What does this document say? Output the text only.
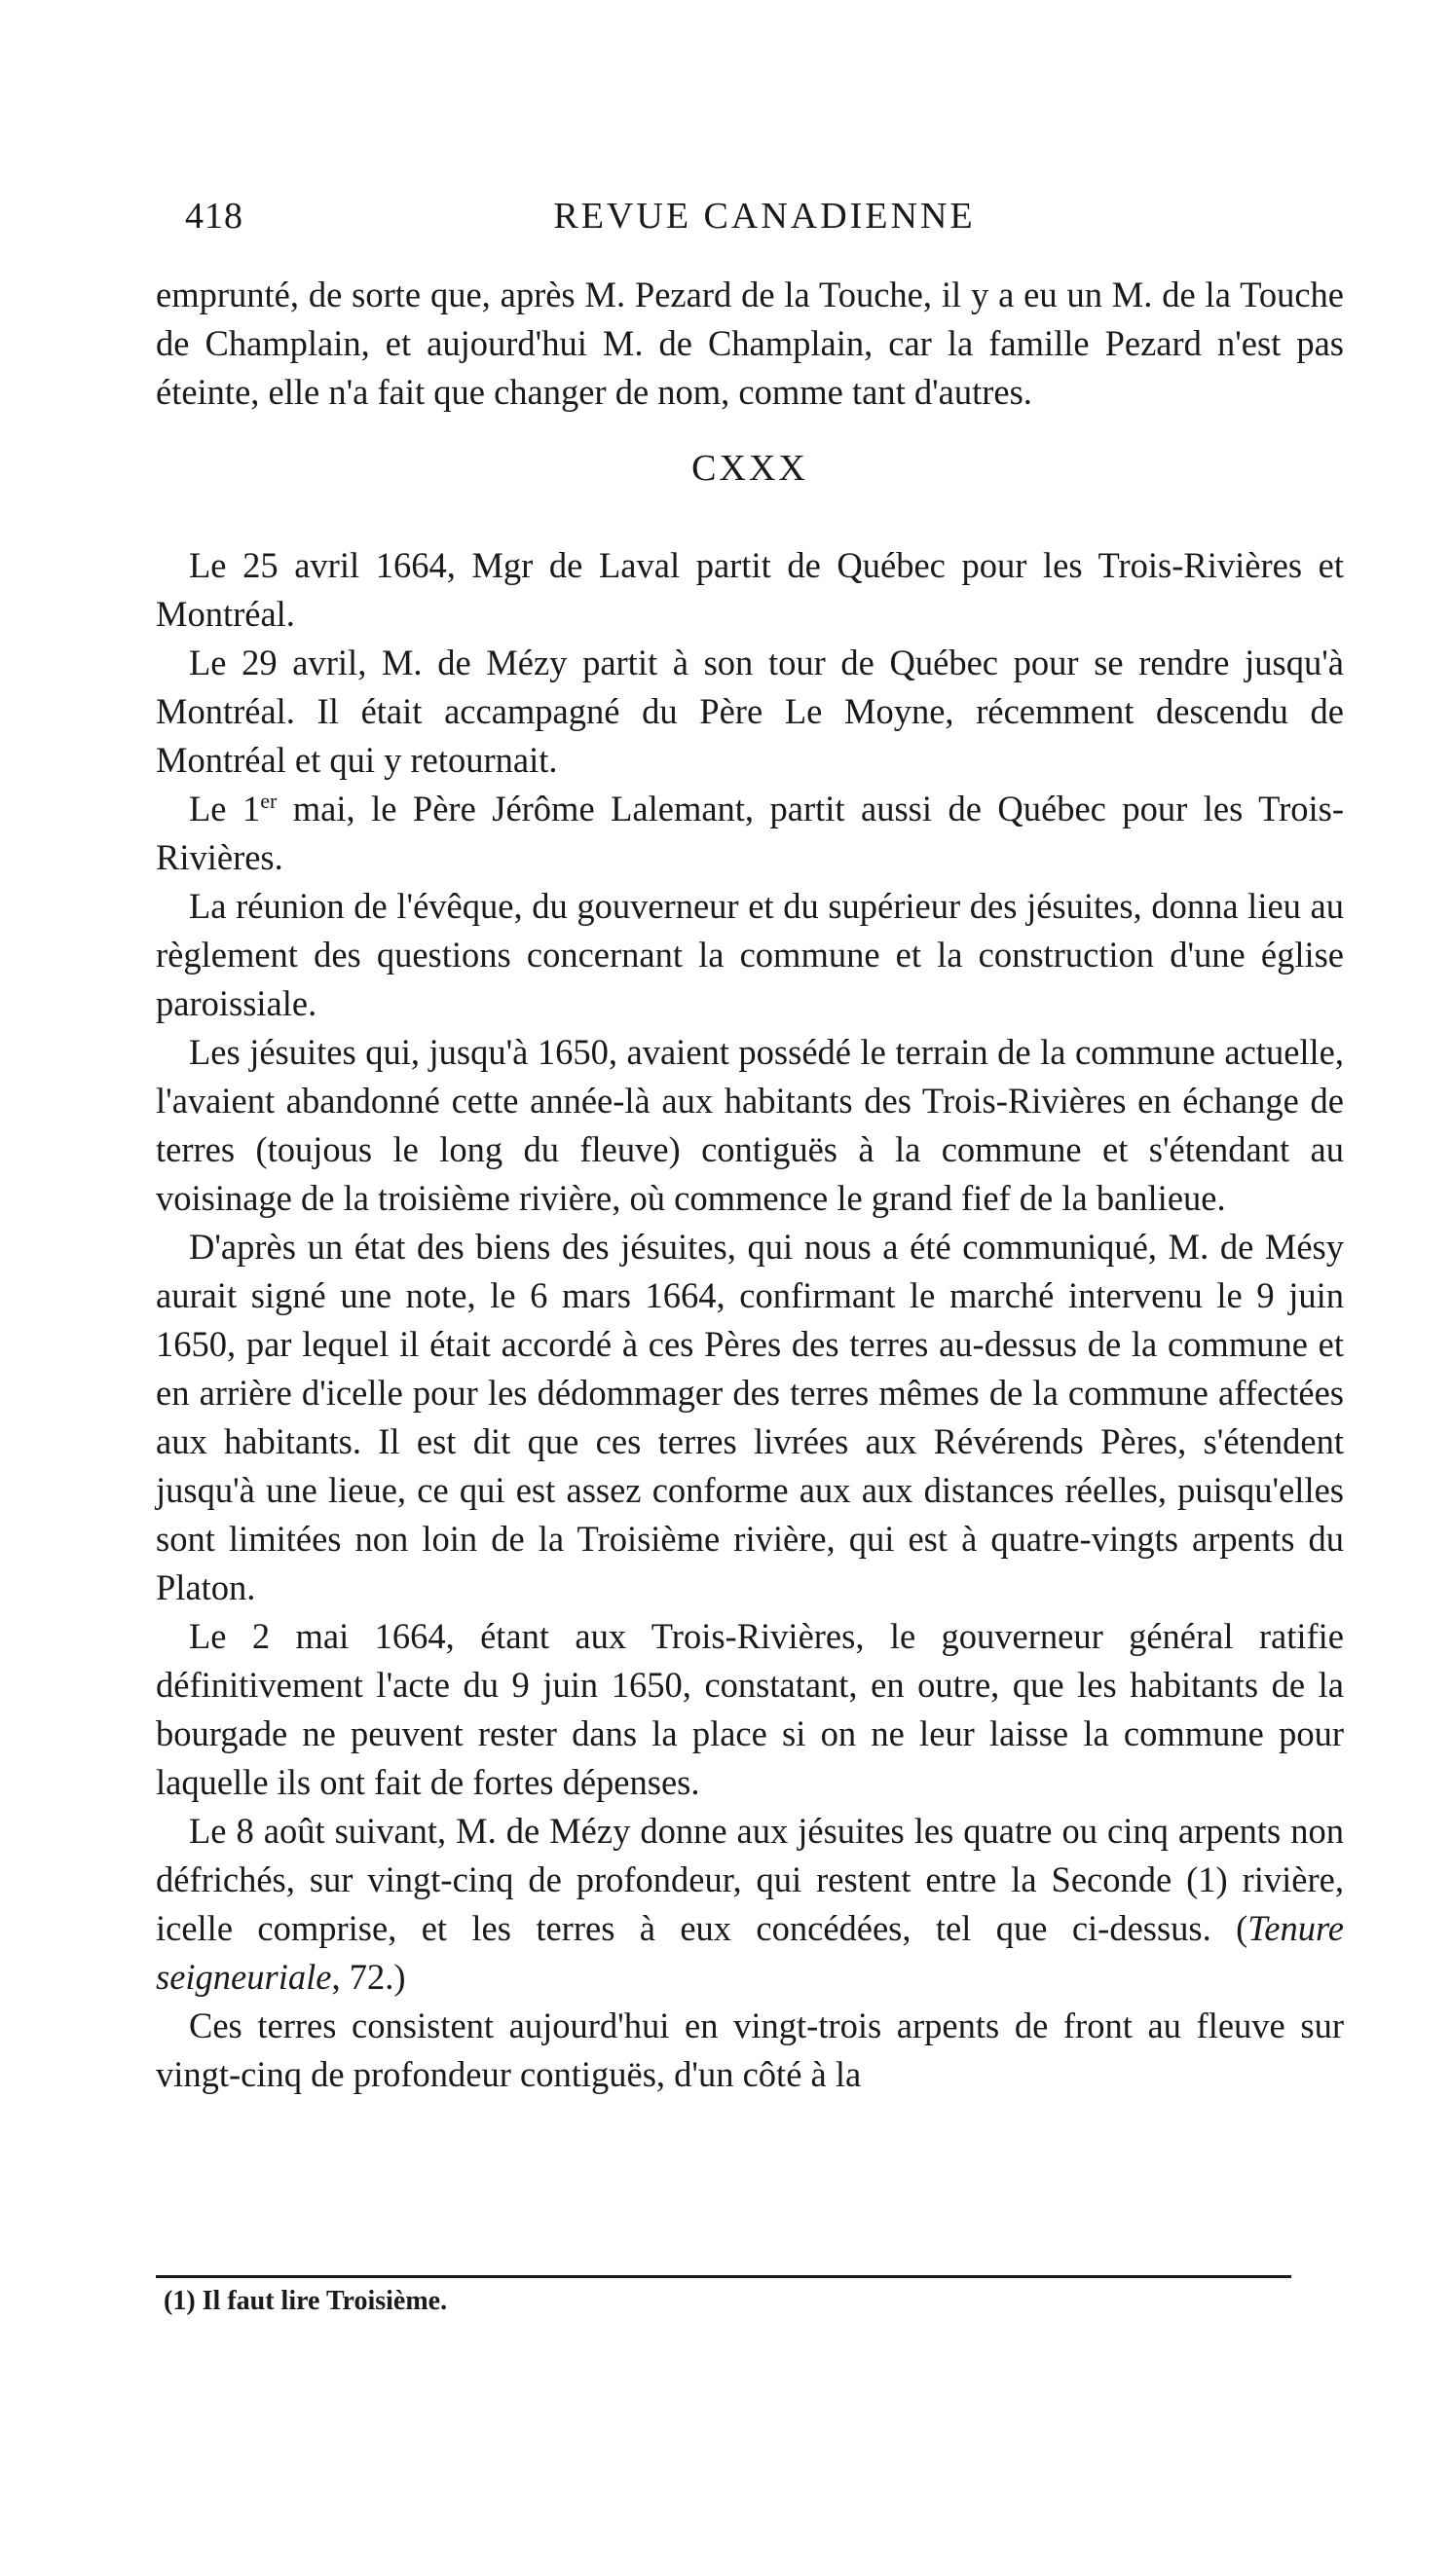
418	REVUE CANADIENNE

emprunté, de sorte que, après M. Pezard de la Touche, il y a eu un M. de la Touche de Champlain, et aujourd'hui M. de Champlain, car la famille Pezard n'est pas éteinte, elle n'a fait que changer de nom, comme tant d'autres.

CXXX

Le 25 avril 1664, Mgr de Laval partit de Québec pour les Trois-Rivières et Montréal.

Le 29 avril, M. de Mézy partit à son tour de Québec pour se rendre jusqu'à Montréal. Il était accampagné du Père Le Moyne, récemment descendu de Montréal et qui y retournait.

Le 1er mai, le Père Jérôme Lalemant, partit aussi de Québec pour les Trois-Rivières.

La réunion de l'évêque, du gouverneur et du supérieur des jésuites, donna lieu au règlement des questions concernant la commune et la construction d'une église paroissiale.

Les jésuites qui, jusqu'à 1650, avaient possédé le terrain de la commune actuelle, l'avaient abandonné cette année-là aux habitants des Trois-Rivières en échange de terres (toujous le long du fleuve) contiguës à la commune et s'étendant au voisinage de la troisième rivière, où commence le grand fief de la banlieue.

D'après un état des biens des jésuites, qui nous a été communiqué, M. de Mésy aurait signé une note, le 6 mars 1664, confirmant le marché intervenu le 9 juin 1650, par lequel il était accordé à ces Pères des terres au-dessus de la commune et en arrière d'icelle pour les dédommager des terres mêmes de la commune affectées aux habitants. Il est dit que ces terres livrées aux Révérends Pères, s'étendent jusqu'à une lieue, ce qui est assez conforme aux aux distances réelles, puisqu'elles sont limitées non loin de la Troisième rivière, qui est à quatre-vingts arpents du Platon.

Le 2 mai 1664, étant aux Trois-Rivières, le gouverneur général ratifie définitivement l'acte du 9 juin 1650, constatant, en outre, que les habitants de la bourgade ne peuvent rester dans la place si on ne leur laisse la commune pour laquelle ils ont fait de fortes dépenses.

Le 8 août suivant, M. de Mézy donne aux jésuites les quatre ou cinq arpents non défrichés, sur vingt-cinq de profondeur, qui restent entre la Seconde (1) rivière, icelle comprise, et les terres à eux concédées, tel que ci-dessus. (Tenure seigneuriale, 72.)

Ces terres consistent aujourd'hui en vingt-trois arpents de front au fleuve sur vingt-cinq de profondeur contiguës, d'un côté à la

(1) Il faut lire Troisième.
